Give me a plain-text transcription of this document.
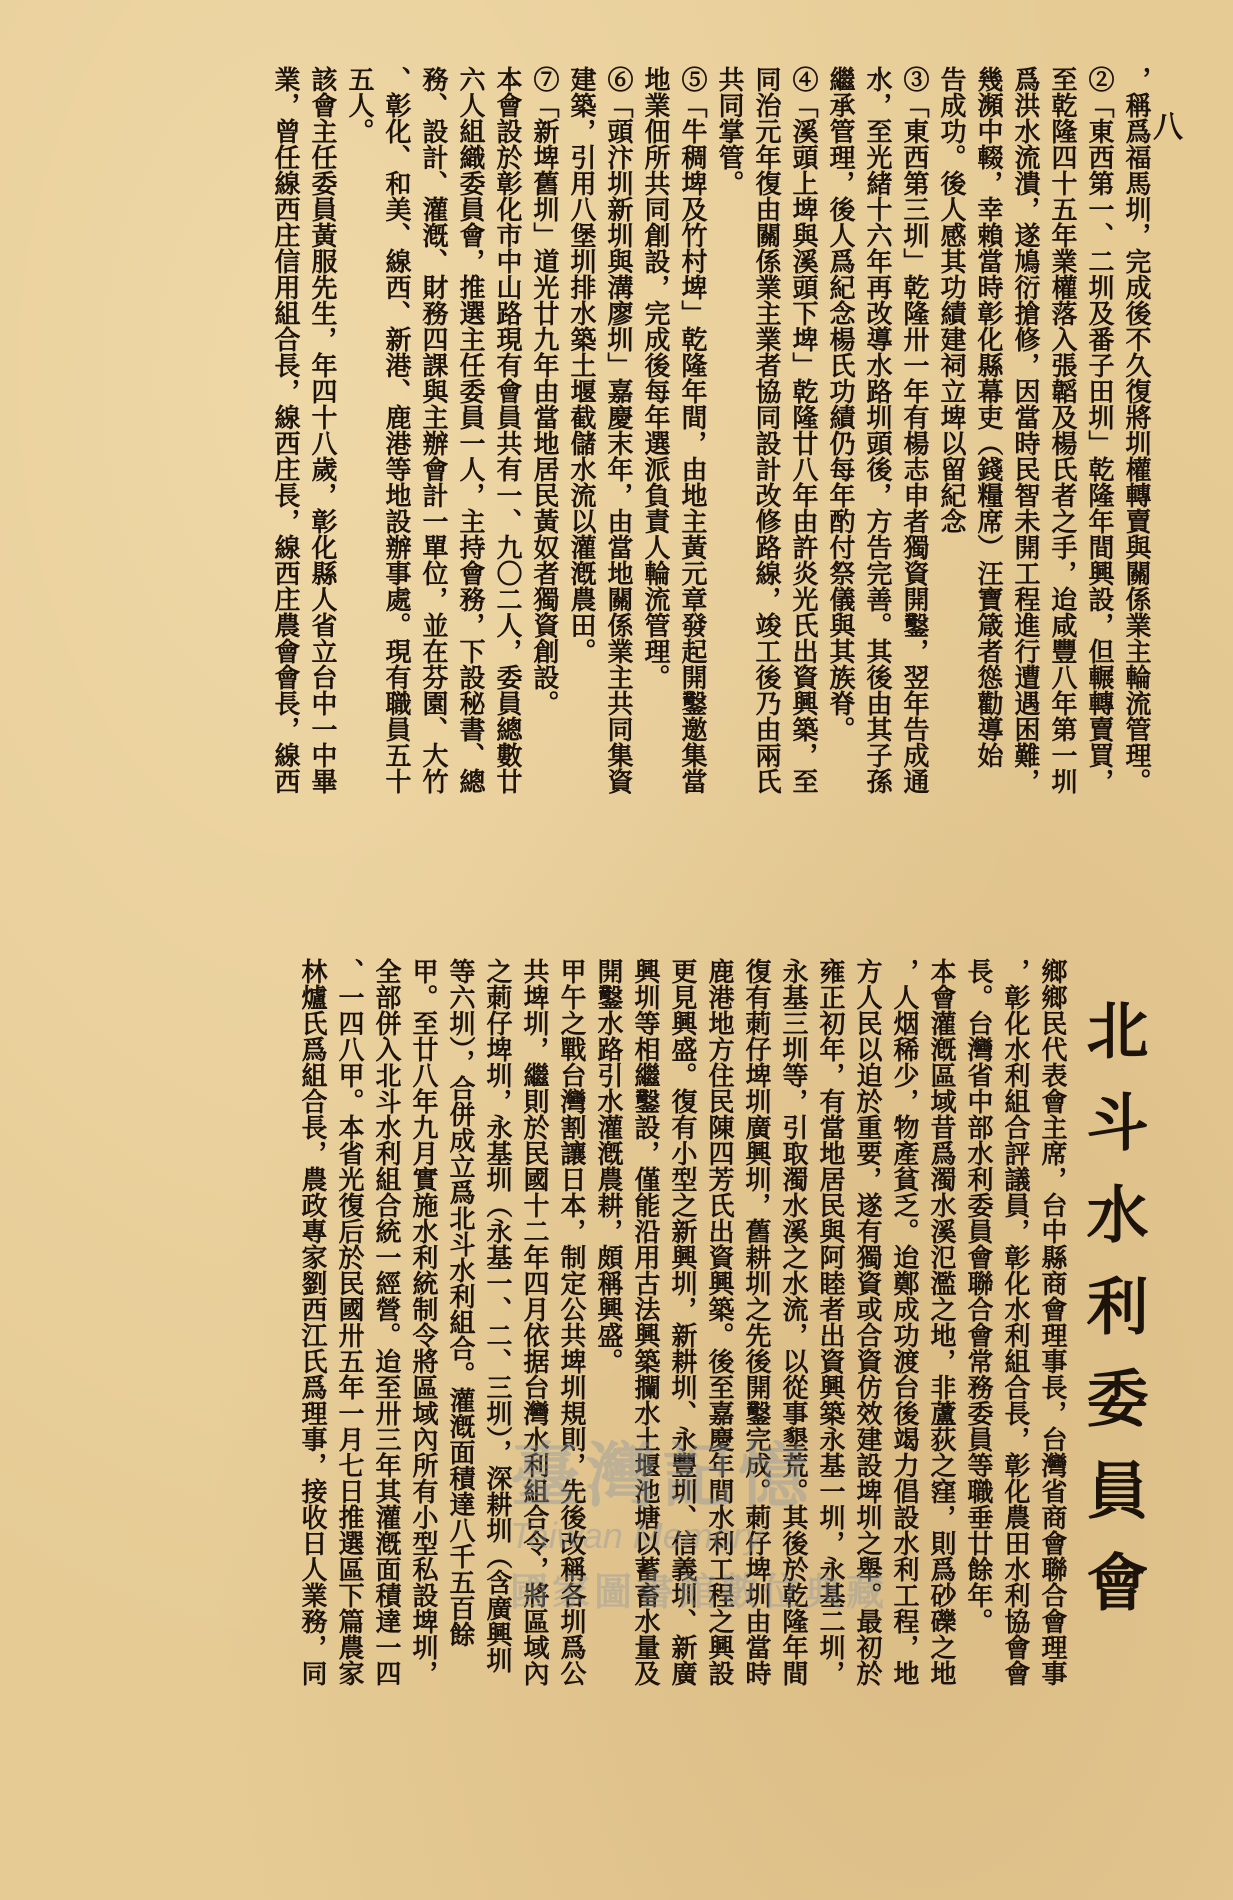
八
，稱爲福馬圳，完成後不久復將圳權轉賣與關係業主輪流管理。
②「東西第一、二圳及番子田圳」乾隆年間興設，但輾轉賣買，
至乾隆四十五年業權落入張韜及楊氏者之手，迨咸豐八年第一圳
爲洪水流潰，遂鳩衍搶修，因當時民智未開工程進行遭遇困難，
幾瀕中輟，幸賴當時彰化縣幕吏（錢糧席）汪寶箴者慫勸導始
告成功。後人感其功績建祠立埤以留紀念
③「東西第三圳」乾隆卅一年有楊志申者獨資開鑿，翌年告成通
水，至光緒十六年再改導水路圳頭後，方告完善。其後由其子孫
繼承管理，後人爲紀念楊氏功績仍每年酌付祭儀與其族脊。
④「溪頭上埤與溪頭下埤」乾隆廿八年由許炎光氏出資興築，至
同治元年復由關係業主業者協同設計改修路線，竣工後乃由兩氏
共同掌管。
⑤「牛稠埤及竹村埤」乾隆年間，由地主黃元章發起開鑿邀集當
地業佃所共同創設，完成後每年選派負責人輪流管理。
⑥「頭汴圳新圳與溝廖圳」嘉慶末年，由當地關係業主共同集資
建築，引用八堡圳排水築土堰截儲水流以灌漑農田。
⑦「新埤舊圳」道光廿九年由當地居民黃奴者獨資創設。
本會設於彰化市中山路現有會員共有一、九〇二人，委員總數廿
六人組織委員會，推選主任委員一人，主持會務，下設秘書、總
務、設計、灌漑、財務四課與主辦會計一單位，並在芬園、大竹
、彰化、和美、線西、新港、鹿港等地設辦事處。現有職員五十
五人。
該會主任委員黃服先生，年四十八歲，彰化縣人省立台中一中畢
業，曾任線西庄信用組合長，線西庄長，線西庄農會會長，線西
北斗水利委員會
鄉鄉民代表會主席，台中縣商會理事長，台灣省商會聯合會理事
，彰化水利組合評議員，彰化水利組合長，彰化農田水利協會會
長。台灣省中部水利委員會聯合會常務委員等職垂廿餘年。
本會灌漑區域昔爲濁水溪氾濫之地，非蘆荻之窪，則爲砂礫之地
，人烟稀少，物產貧乏。迨鄭成功渡台後竭力倡設水利工程，地
方人民以迫於重要，遂有獨資或合資仿效建設埤圳之舉。最初於
雍正初年，有當地居民與阿睦者出資興築永基一圳，永基二圳，
永基三圳等，引取濁水溪之水流，以從事墾荒。其後於乾隆年間
復有莿仔埤圳廣興圳，舊耕圳之先後開鑿完成。莿仔埤圳由當時
鹿港地方住民陳四芳氏出資興築。後至嘉慶年間水利工程之興設
更見興盛。復有小型之新興圳，新耕圳、永豐圳、信義圳、新廣
興圳等相繼鑿設，僅能沿用古法興築攔水土堰池塘以蓄畜水量及
開鑿水路引水灌漑農耕，頗稱興盛。
甲午之戰台灣割讓日本，制定公共埤圳規則，先後改稱各圳爲公
共埤圳，繼則於民國十二年四月依据台灣水利組合令，將區域內
之莿仔埤圳，永基圳（永基一、二、三圳），深耕圳（含廣興圳
等六圳），合併成立爲北斗水利組合。灌漑面積達八千五百餘
甲。至廿八年九月實施水利統制令將區域內所有小型私設埤圳，
全部併入北斗水利組合統一經營。迨至卅三年其灌漑面積達一四
、一四八甲。本省光復后於民國卅五年一月七日推選區下篇農家
林爐氏爲組合長，農政專家劉西江氏爲理事，接收日人業務，同	臺灣記憶
Taiwan Memory
國家圖書館數位典藏
